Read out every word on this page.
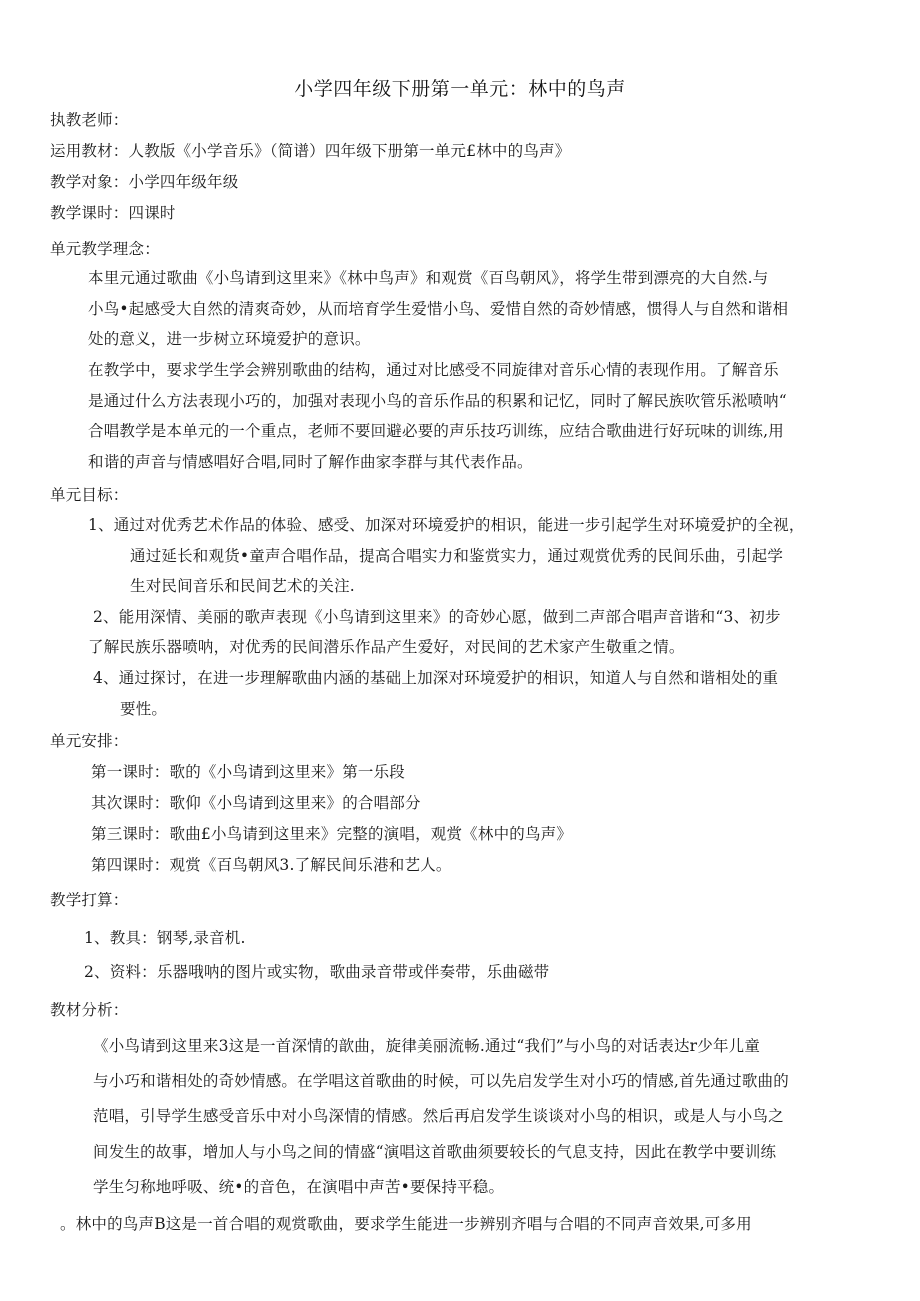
小学四年级下册第一单元：林中的鸟声
执教老师：
运用教材：人教版《小学音乐》（简谱）四年级下册第一单元£林中的鸟声》
教学对象：小学四年级年级
教学课时：四课时
单元教学理念：
本里元通过歌曲《小鸟请到这里来》《林中鸟声》和观赏《百鸟朝风》，将学生带到漂亮的大自然.与
小鸟•起感受大自然的清爽奇妙，从而培育学生爱惜小鸟、爱惜自然的奇妙情感，惯得人与自然和谐相
处的意义，进一步树立环境爱护的意识。
在教学中，要求学生学会辨别歌曲的结构，通过对比感受不同旋律对音乐心情的表现作用。了解音乐
是通过什么方法表现小巧的，加强对表现小鸟的音乐作品的积累和记忆，同时了解民族吹管乐淞喷呐“
合唱教学是本单元的一个重点，老师不要回避必要的声乐技巧训练，应结合歌曲进行好玩味的训练,用
和谐的声音与情感唱好合唱,同时了解作曲家李群与其代表作品。
单元目标：
1、通过对优秀艺术作品的体验、感受、加深对环境爱护的相识，能进一步引起学生对环境爱护的全视，
通过延长和观货•童声合唱作品，提高合唱实力和鉴赏实力，通过观赏优秀的民间乐曲，引起学
生对民间音乐和民间艺术的关注.
2、能用深情、美丽的歌声表现《小鸟请到这里来》的奇妙心愿，做到二声部合唱声音谐和“3、初步
了解民族乐器喷呐，对优秀的民间潜乐作品产生爱好，对民间的艺术家产生敬重之情。
4、通过探讨，在进一步理解歌曲内涵的基础上加深对环境爱护的相识，知道人与自然和谐相处的重
要性。
单元安排：
第一课时：歌的《小鸟请到这里来》第一乐段
其次课时：歌仰《小鸟请到这里来》的合唱部分
第三课时：歌曲£小鸟请到这里来》完整的演唱，观赏《林中的鸟声》
第四课时：观赏《百鸟朝风3.了解民间乐港和艺人。
教学打算：
1、教具：钢琴,录音机.
2、资料：乐器哦呐的图片或实物，歌曲录音带或伴奏带，乐曲磁带
教材分析：
《小鸟请到这里来3这是一首深情的歆曲，旋律美丽流畅.通过“我们”与小鸟的对话表达r少年儿童
与小巧和谐相处的奇妙情感。在学唱这首歌曲的时候，可以先启发学生对小巧的情感,首先通过歌曲的
范唱，引导学生感受音乐中对小鸟深情的情感。然后再启发学生谈谈对小鸟的相识，或是人与小鸟之
间发生的故事，增加人与小鸟之间的情盛“演唱这首歌曲须要较长的气息支持，因此在教学中要训练
学生匀称地呼吸、统•的音色，在演唱中声苦•要保持平稳。
。林中的鸟声B这是一首合唱的观赏歌曲，要求学生能进一步辨别齐唱与合唱的不同声音效果,可多用
